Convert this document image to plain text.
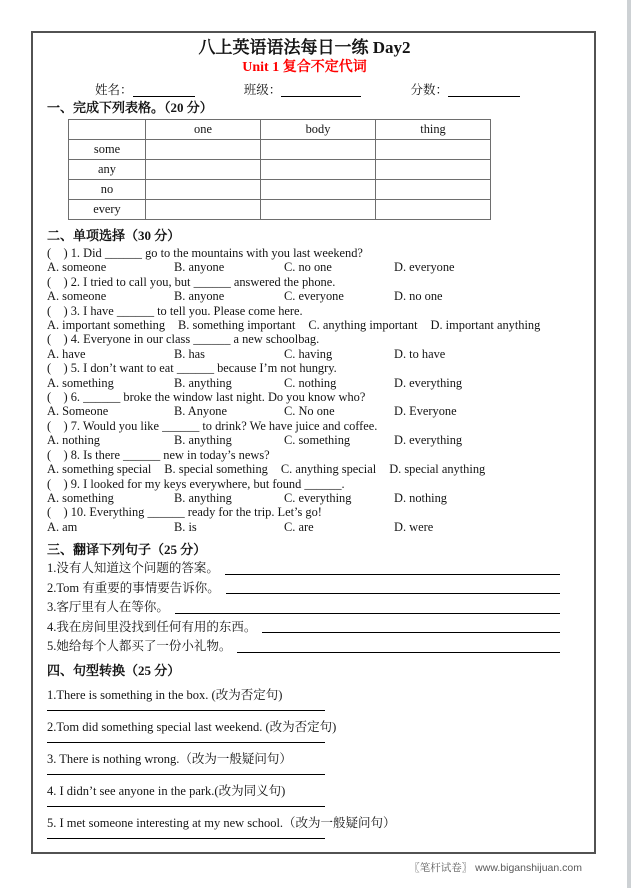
八上英语语法每日一练 Day2
Unit 1 复合不定代词
姓名：	班级：	分数：
一、完成下列表格。（20 分）
	one	body	thing
some			
any			
no			
every			
二、单项选择（30 分）
(    ) 1. Did ______ go to the mountains with you last weekend?
A. someone	B. anyone	C. no one	D. everyone
(    ) 2. I tried to call you, but ______ answered the phone.
A. someone	B. anyone	C. everyone	D. no one
(    ) 3. I have ______ to tell you. Please come here.
A. important something B. something important C. anything important D. important anything
(    ) 4. Everyone in our class ______ a new schoolbag.
A. have	B. has	C. having	D. to have
(    ) 5. I don’t want to eat ______ because I’m not hungry.
A. something	B. anything	C. nothing	D. everything
(    ) 6. ______ broke the window last night. Do you know who?
A. Someone	B. Anyone	C. No one	D. Everyone
(    ) 7. Would you like ______ to drink? We have juice and coffee.
A. nothing	B. anything	C. something	D. everything
(    ) 8. Is there ______ new in today’s news?
A. something special B. special something C. anything special D. special anything
(    ) 9. I looked for my keys everywhere, but found ______.
A. something	B. anything	C. everything	D. nothing
(    ) 10. Everything ______ ready for the trip. Let’s go!
A. am	B. is	C. are	D. were
三、翻译下列句子（25 分）
1.没有人知道这个问题的答案。
2.Tom 有重要的事情要告诉你。
3.客厅里有人在等你。
4.我在房间里没找到任何有用的东西。
5.她给每个人都买了一份小礼物。
四、句型转换（25 分）
1.There is something in the box. (改为否定句)
2.Tom did something special last weekend. (改为否定句)
3. There is nothing wrong.（改为一般疑问句）
4. I didn’t see anyone in the park.(改为同义句)
5. I met someone interesting at my new school.（改为一般疑问句）
〖笔杆试卷〗 www.biganshijuan.com
